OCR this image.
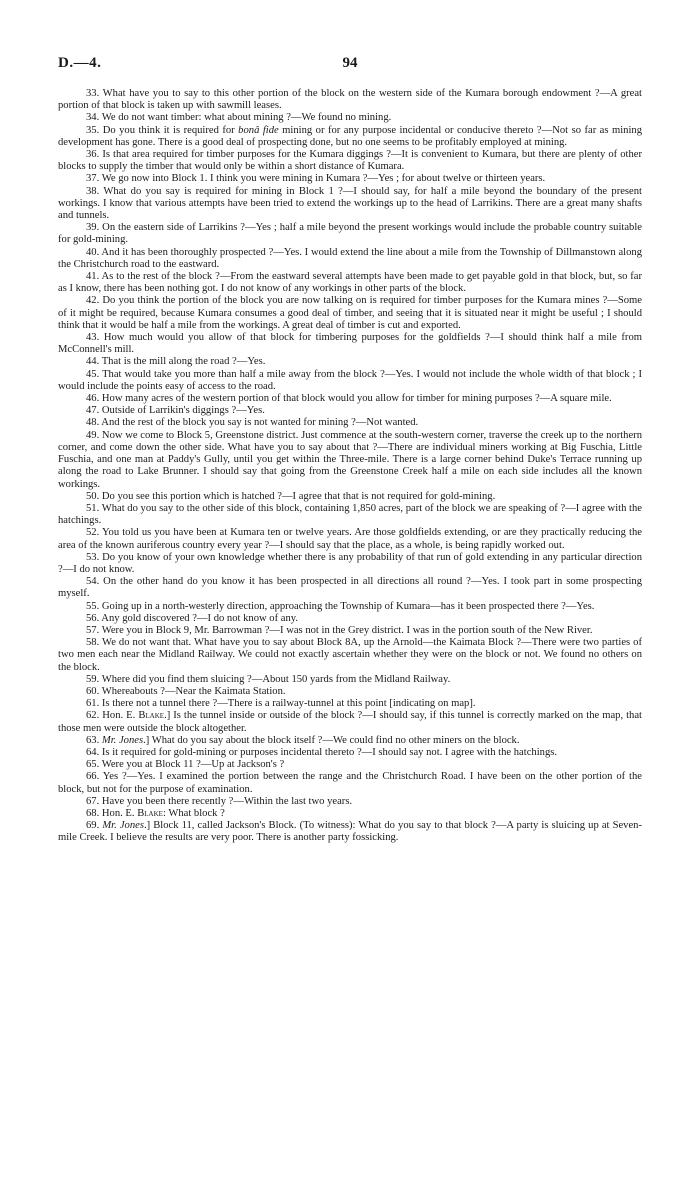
D.—4.	94

33. What have you to say to this other portion of the block on the western side of the Kumara borough endowment ?—A great portion of that block is taken up with sawmill leases.

34. We do not want timber: what about mining ?—We found no mining.

35. Do you think it is required for bonâ fide mining or for any purpose incidental or conducive thereto ?—Not so far as mining development has gone. There is a good deal of prospecting done, but no one seems to be profitably employed at mining.

36. Is that area required for timber purposes for the Kumara diggings ?—It is convenient to Kumara, but there are plenty of other blocks to supply the timber that would only be within a short distance of Kumara.

37. We go now into Block 1. I think you were mining in Kumara ?—Yes ; for about twelve or thirteen years.

38. What do you say is required for mining in Block 1 ?—I should say, for half a mile beyond the boundary of the present workings. I know that various attempts have been tried to extend the workings up to the head of Larrikins. There are a great many shafts and tunnels.

39. On the eastern side of Larrikins ?—Yes ; half a mile beyond the present workings would include the probable country suitable for gold-mining.

40. And it has been thoroughly prospected ?—Yes. I would extend the line about a mile from the Township of Dillmanstown along the Christchurch road to the eastward.

41. As to the rest of the block ?—From the eastward several attempts have been made to get payable gold in that block, but, so far as I know, there has been nothing got. I do not know of any workings in other parts of the block.

42. Do you think the portion of the block you are now talking on is required for timber purposes for the Kumara mines ?—Some of it might be required, because Kumara consumes a good deal of timber, and seeing that it is situated near it might be useful ; I should think that it would be half a mile from the workings. A great deal of timber is cut and exported.

43. How much would you allow of that block for timbering purposes for the goldfields ?—I should think half a mile from McConnell's mill.

44. That is the mill along the road ?—Yes.

45. That would take you more than half a mile away from the block ?—Yes. I would not include the whole width of that block ; I would include the points easy of access to the road.

46. How many acres of the western portion of that block would you allow for timber for mining purposes ?—A square mile.

47. Outside of Larrikin's diggings ?—Yes.

48. And the rest of the block you say is not wanted for mining ?—Not wanted.

49. Now we come to Block 5, Greenstone district. Just commence at the south-western corner, traverse the creek up to the northern corner, and come down the other side. What have you to say about that ?—There are individual miners working at Big Fuschia, Little Fuschia, and one man at Paddy's Gully, until you get within the Three-mile. There is a large corner behind Duke's Terrace running up along the road to Lake Brunner. I should say that going from the Greenstone Creek half a mile on each side includes all the known workings.

50. Do you see this portion which is hatched ?—I agree that that is not required for gold-mining.

51. What do you say to the other side of this block, containing 1,850 acres, part of the block we are speaking of ?—I agree with the hatchings.

52. You told us you have been at Kumara ten or twelve years. Are those goldfields extending, or are they practically reducing the area of the known auriferous country every year ?—I should say that the place, as a whole, is being rapidly worked out.

53. Do you know of your own knowledge whether there is any probability of that run of gold extending in any particular direction ?—I do not know.

54. On the other hand do you know it has been prospected in all directions all round ?—Yes. I took part in some prospecting myself.

55. Going up in a north-westerly direction, approaching the Township of Kumara—has it been prospected there ?—Yes.

56. Any gold discovered ?—I do not know of any.

57. Were you in Block 9, Mr. Barrowman ?—I was not in the Grey district. I was in the portion south of the New River.

58. We do not want that. What have you to say about Block 8A, up the Arnold—the Kaimata Block ?—There were two parties of two men each near the Midland Railway. We could not exactly ascertain whether they were on the block or not. We found no others on the block.

59. Where did you find them sluicing ?—About 150 yards from the Midland Railway.

60. Whereabouts ?—Near the Kaimata Station.

61. Is there not a tunnel there ?—There is a railway-tunnel at this point [indicating on map].

62. Hon. E. Blake.] Is the tunnel inside or outside of the block ?—I should say, if this tunnel is correctly marked on the map, that those men were outside the block altogether.

63. Mr. Jones.] What do you say about the block itself ?—We could find no other miners on the block.

64. Is it required for gold-mining or purposes incidental thereto ?—I should say not. I agree with the hatchings.

65. Were you at Block 11 ?—Up at Jackson's ?

66. Yes ?—Yes. I examined the portion between the range and the Christchurch Road. I have been on the other portion of the block, but not for the purpose of examination.

67. Have you been there recently ?—Within the last two years.

68. Hon. E. Blake: What block ?

69. Mr. Jones.] Block 11, called Jackson's Block. (To witness): What do you say to that block ?—A party is sluicing up at Seven-mile Creek. I believe the results are very poor. There is another party fossicking.
